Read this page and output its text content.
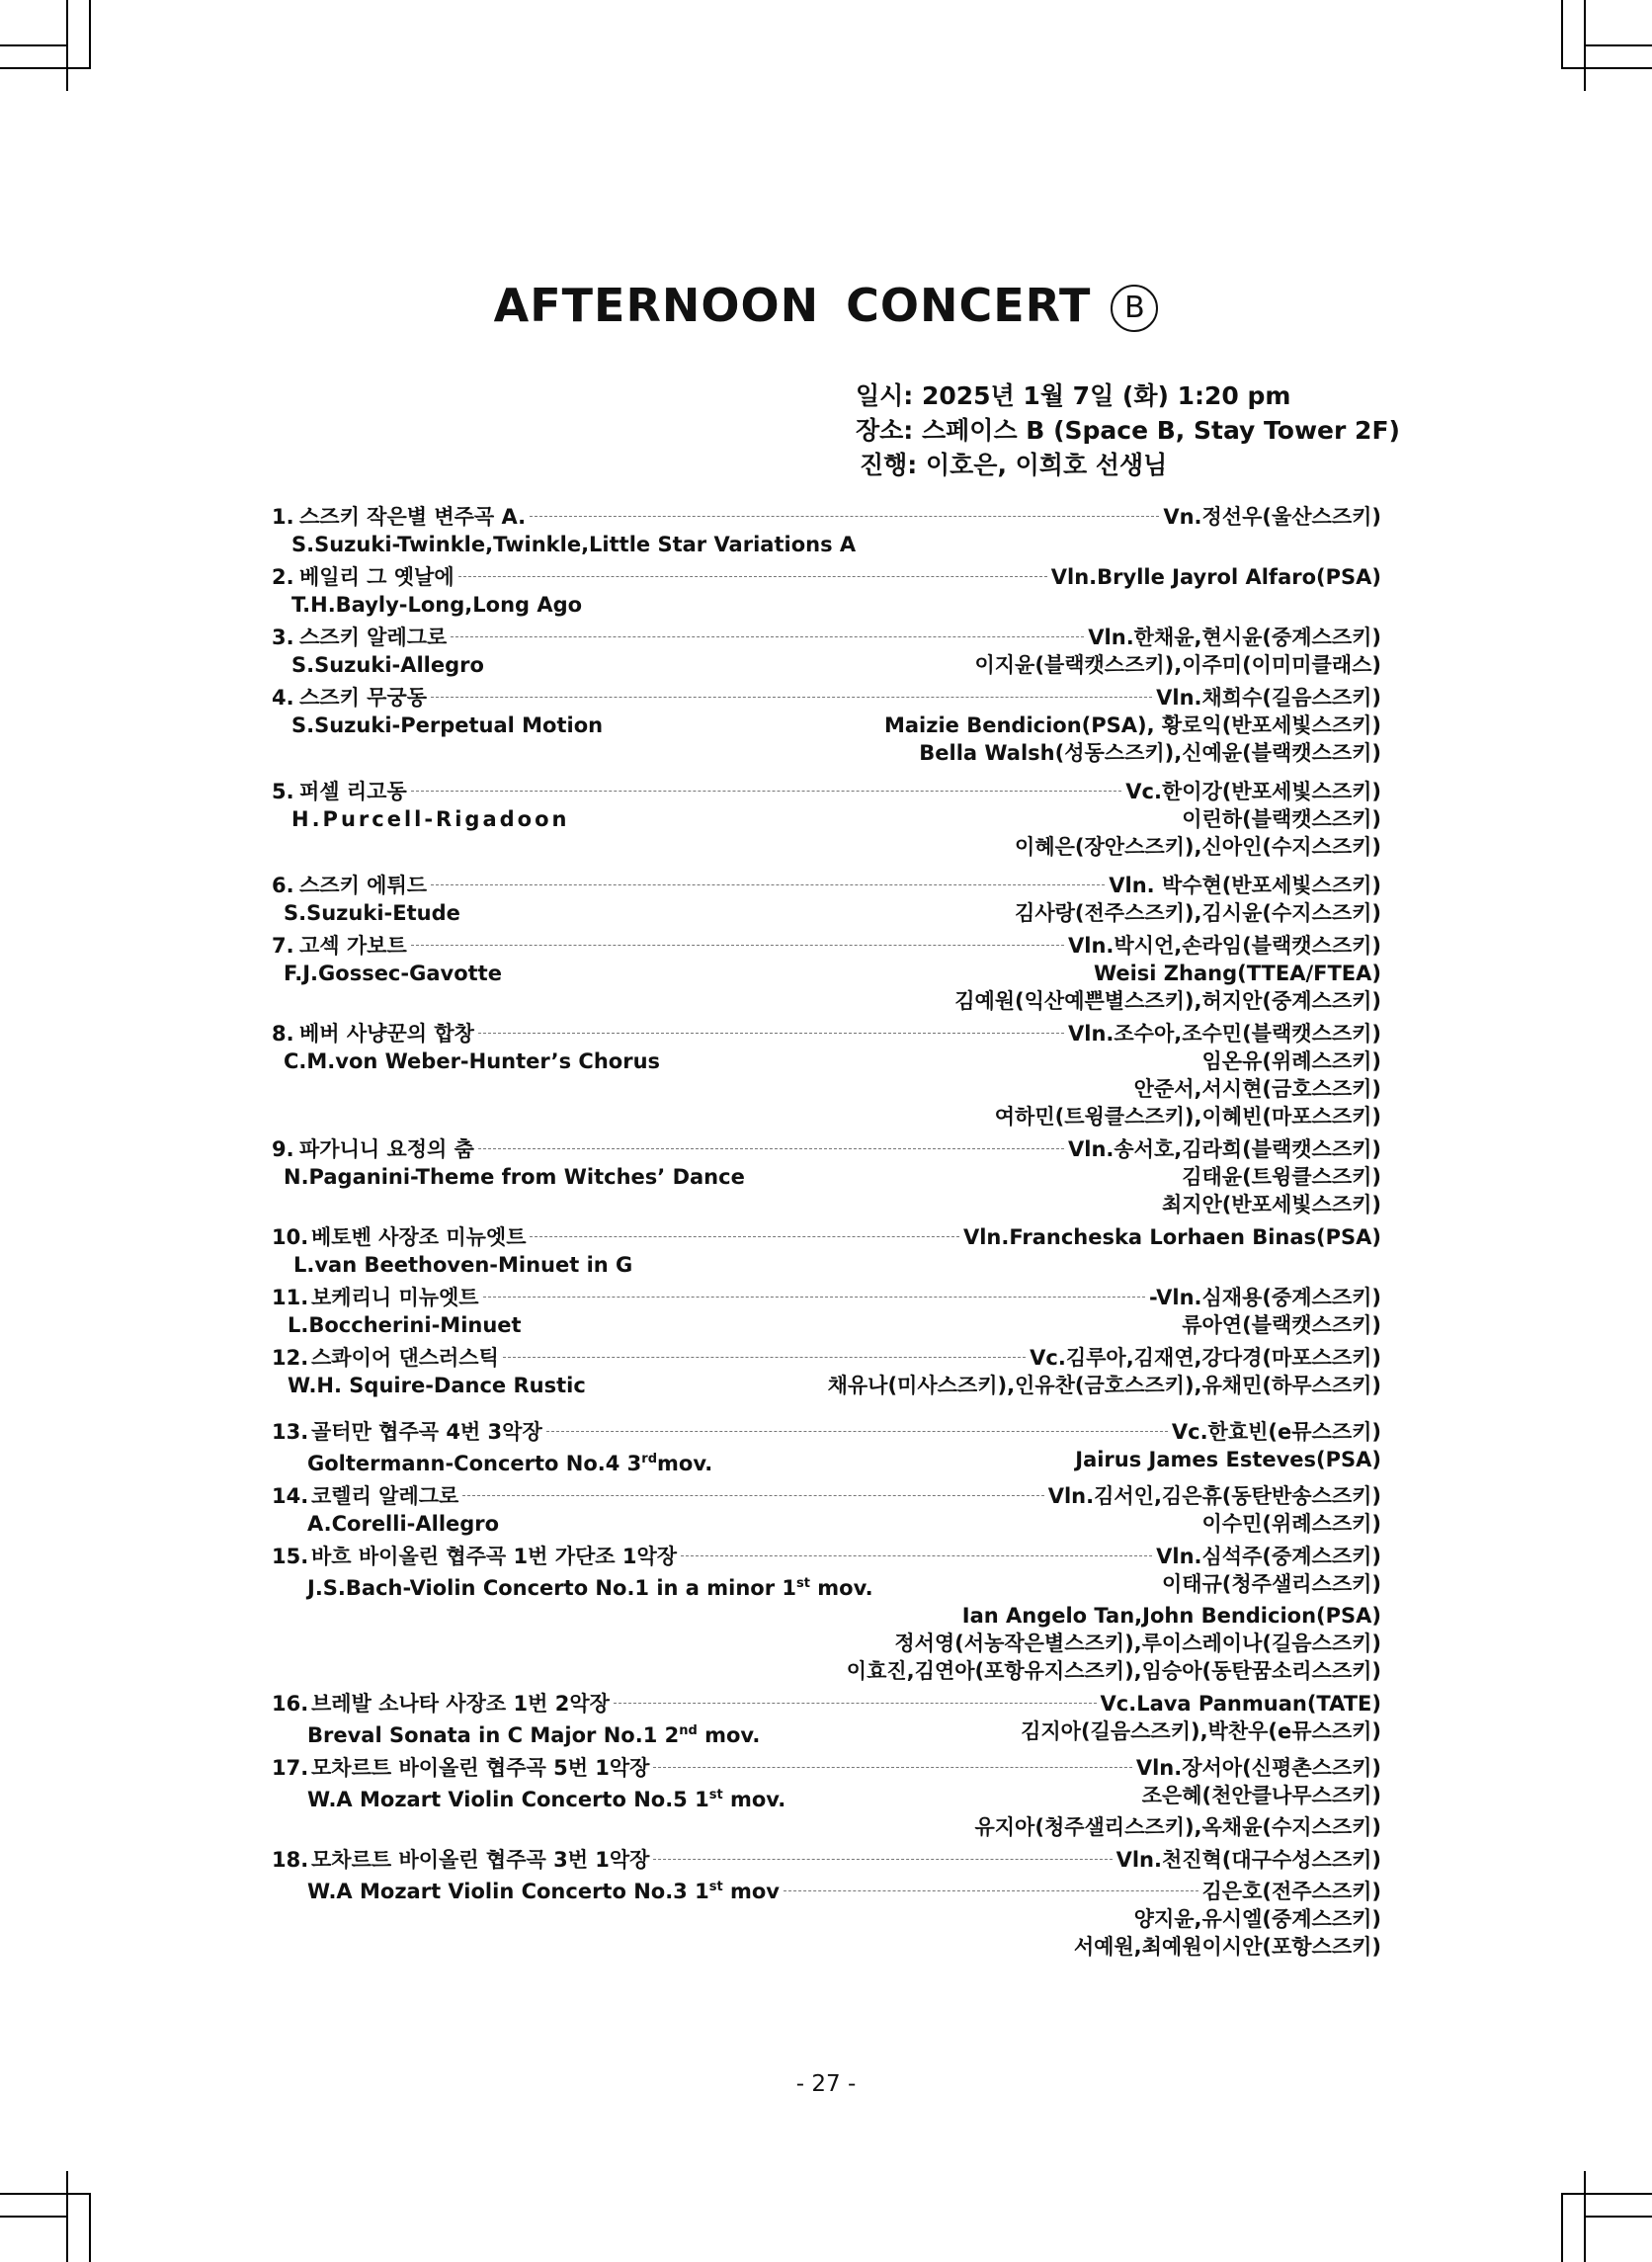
AFTERNOON CONCERT B
일시: 2025년 1월 7일 (화) 1:20 pm
장소: 스페이스 B (Space B, Stay Tower 2F)
진행: 이호은, 이희호 선생님
1. 스즈키 작은별 변주곡 A.	Vn.정선우(울산스즈키)
S.Suzuki-Twinkle,Twinkle,Little Star Variations A
2. 베일리 그 옛날에	Vln.Brylle Jayrol Alfaro(PSA)
T.H.Bayly-Long,Long Ago
3. 스즈키 알레그로	Vln.한채윤,현시윤(중계스즈키)
S.Suzuki-Allegro	이지윤(블랙캣스즈키),이주미(이미미클래스)
4. 스즈키 무궁동	Vln.채희수(길음스즈키)
S.Suzuki-Perpetual Motion	Maizie Bendicion(PSA), 황로익(반포세빛스즈키)
Bella Walsh(성동스즈키),신예윤(블랙캣스즈키)
5. 퍼셀 리고동	Vc.한이강(반포세빛스즈키)
H.Purcell-Rigadoon	이린하(블랙캣스즈키)
이혜은(장안스즈키),신아인(수지스즈키)
6. 스즈키 에튀드	Vln. 박수현(반포세빛스즈키)
S.Suzuki-Etude	김사랑(전주스즈키),김시윤(수지스즈키)
7. 고섹 가보트	Vln.박시언,손라임(블랙캣스즈키)
F.J.Gossec-Gavotte	Weisi Zhang(TTEA/FTEA)
김예원(익산예쁜별스즈키),허지안(중계스즈키)
8. 베버 사냥꾼의 합창	Vln.조수아,조수민(블랙캣스즈키)
C.M.von Weber-Hunter’s Chorus	임온유(위례스즈키)
안준서,서시현(금호스즈키)
여하민(트윙클스즈키),이혜빈(마포스즈키)
9. 파가니니 요정의 춤	Vln.송서호,김라희(블랙캣스즈키)
N.Paganini-Theme from Witches’ Dance	김태윤(트윙클스즈키)
최지안(반포세빛스즈키)
10. 베토벤 사장조 미뉴엣트	Vln.Francheska Lorhaen Binas(PSA)
L.van Beethoven-Minuet in G
11. 보케리니 미뉴엣트	-Vln.심재용(중계스즈키)
L.Boccherini-Minuet	류아연(블랙캣스즈키)
12. 스콰이어 댄스러스틱	Vc.김루아,김재연,강다경(마포스즈키)
W.H. Squire-Dance Rustic	채유나(미사스즈키),인유찬(금호스즈키),유채민(하무스즈키)
13. 골터만 협주곡 4번 3악장	Vc.한효빈(e뮤스즈키)
Goltermann-Concerto No.4 3rdmov.	Jairus James Esteves(PSA)
14. 코렐리 알레그로	Vln.김서인,김은휴(동탄반송스즈키)
A.Corelli-Allegro	이수민(위례스즈키)
15. 바흐 바이올린 협주곡 1번 가단조 1악장	Vln.심석주(중계스즈키)
J.S.Bach-Violin Concerto No.1 in a minor 1st mov.	이태규(청주샐리스즈키)
Ian Angelo Tan,John Bendicion(PSA)
정서영(서농작은별스즈키),루이스레이나(길음스즈키)
이효진,김연아(포항유지스즈키),임승아(동탄꿈소리스즈키)
16. 브레발 소나타 사장조 1번 2악장	Vc.Lava Panmuan(TATE)
Breval Sonata in C Major No.1 2nd mov.	김지아(길음스즈키),박찬우(e뮤스즈키)
17. 모차르트 바이올린 협주곡 5번 1악장	Vln.장서아(신평촌스즈키)
W.A Mozart Violin Concerto No.5 1st mov.	조은혜(천안클나무스즈키)
유지아(청주샐리스즈키),옥채윤(수지스즈키)
18. 모차르트 바이올린 협주곡 3번 1악장	Vln.천진혁(대구수성스즈키)
W.A Mozart Violin Concerto No.3 1st mov	김은호(전주스즈키)
양지윤,유시엘(중계스즈키)
서예원,최예원이시안(포항스즈키)
- 27 -
